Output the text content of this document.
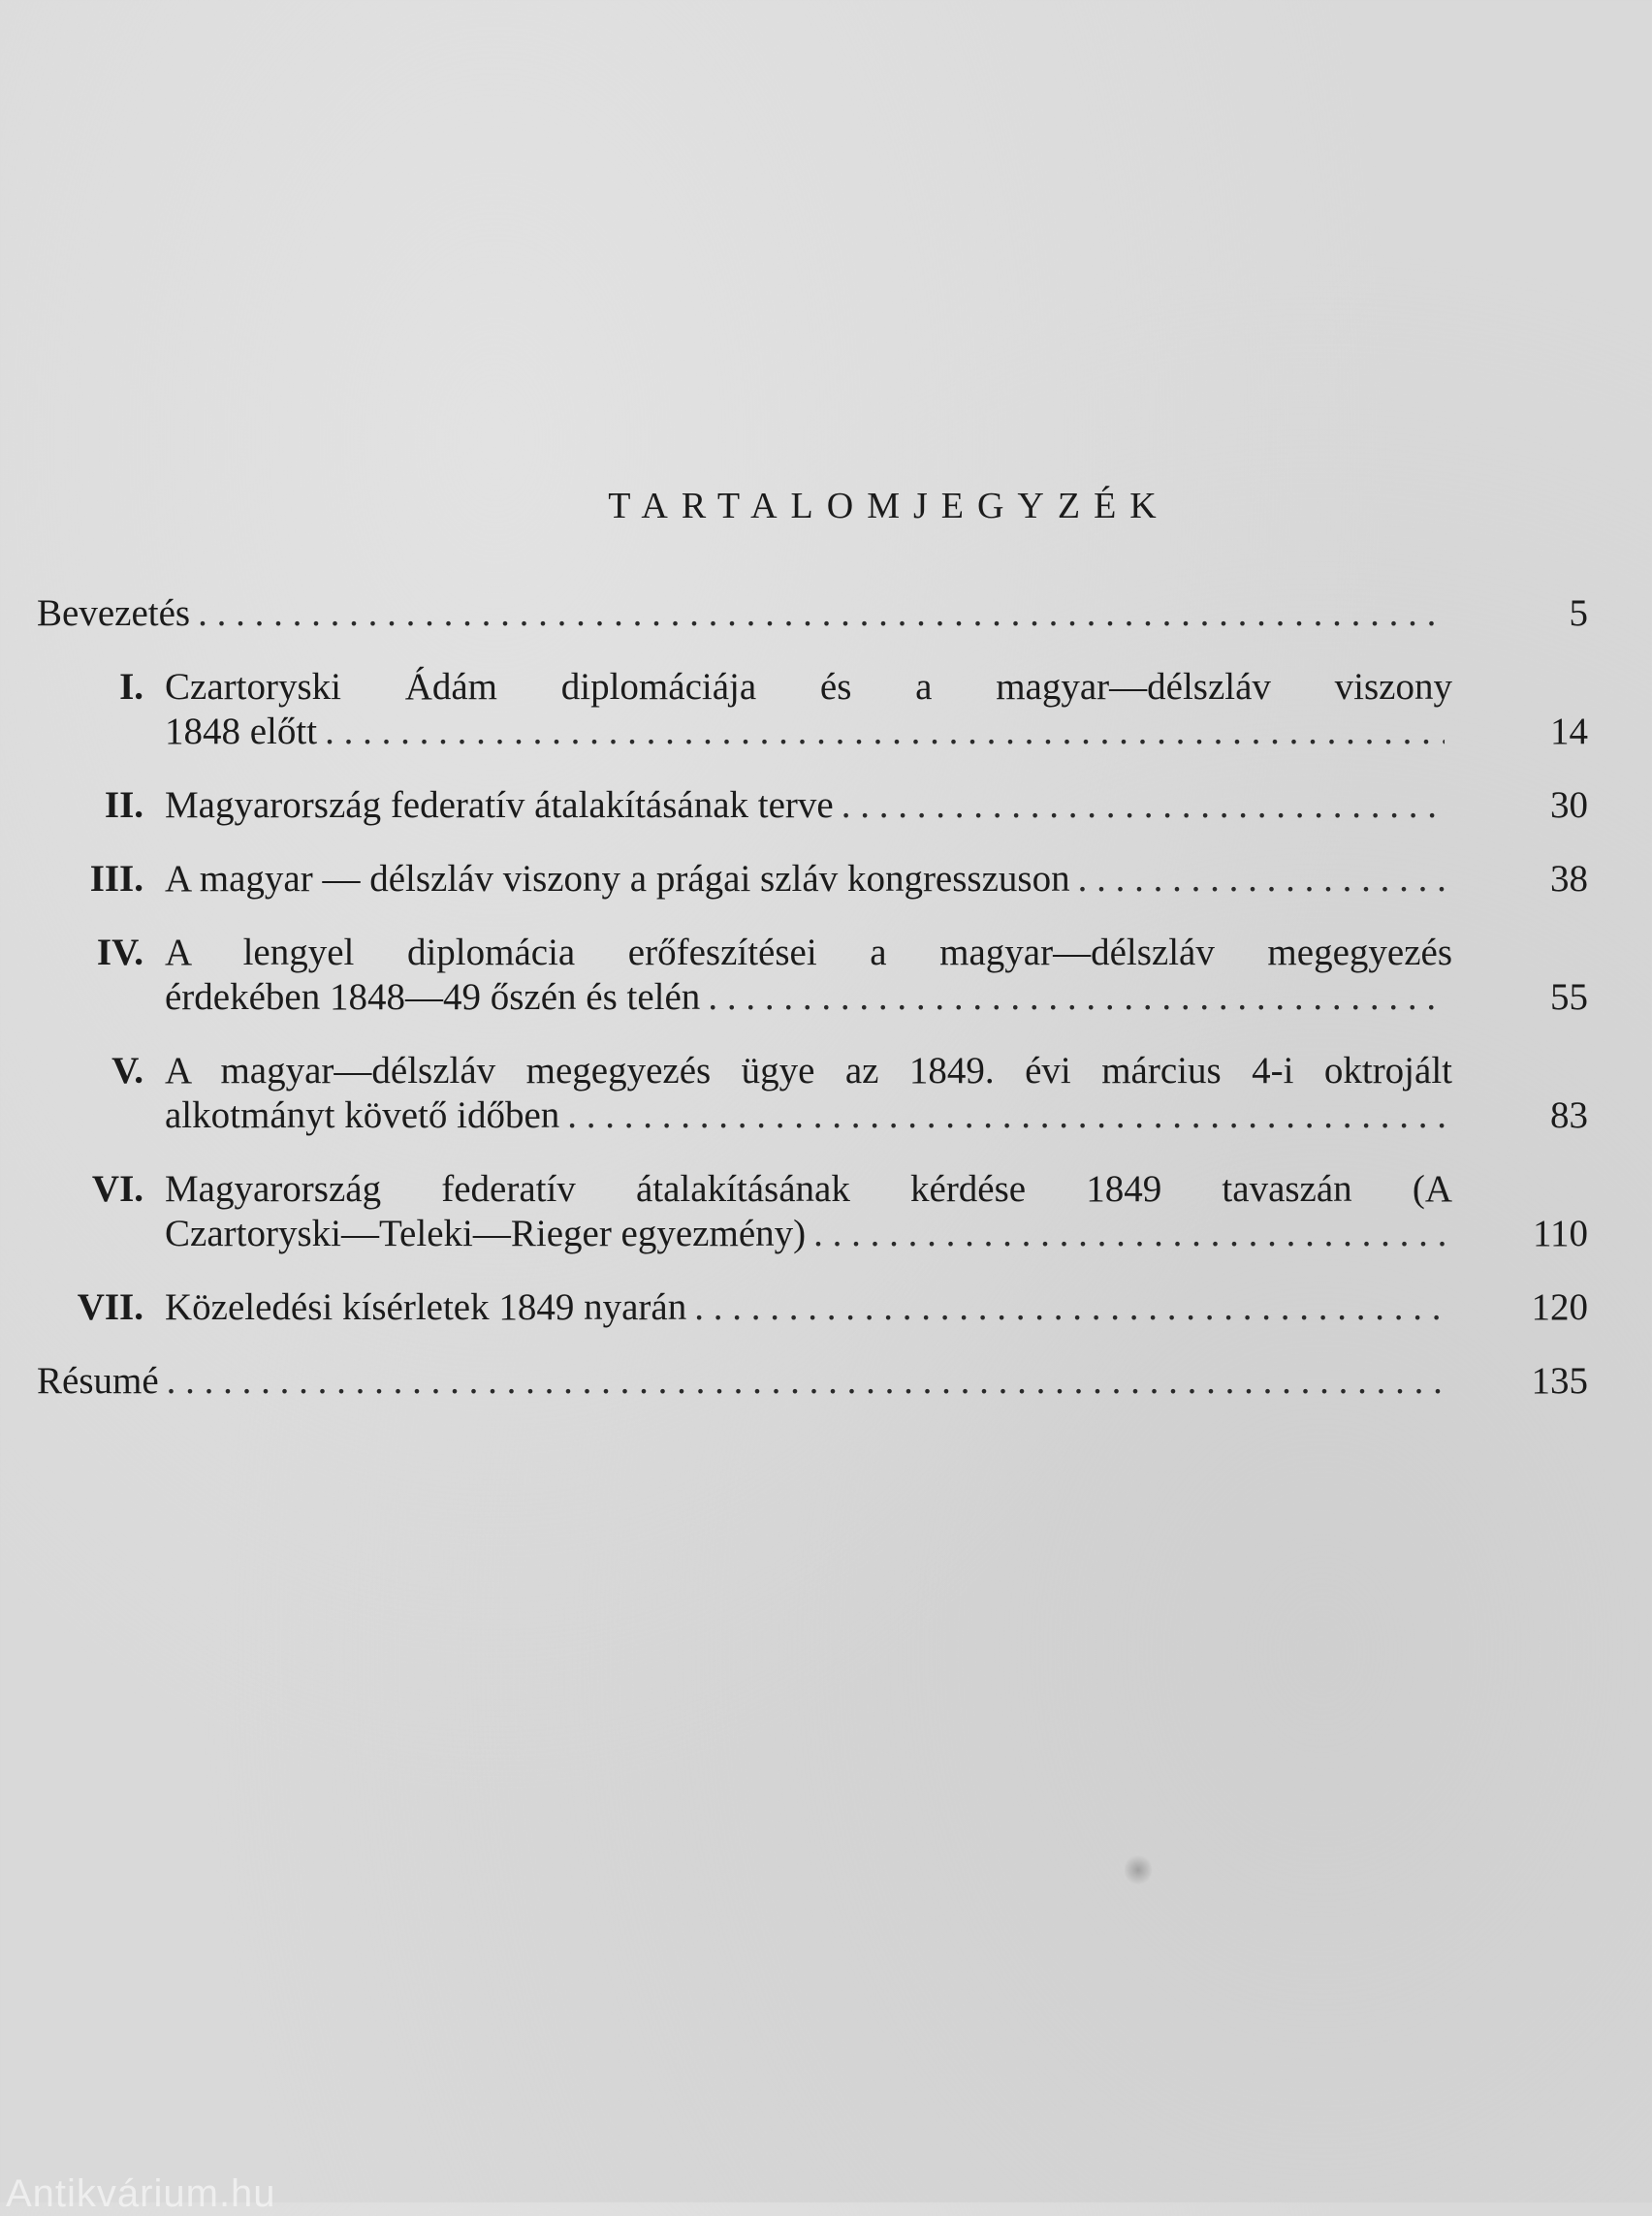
TARTALOMJEGYZÉK
Bevezetés . . .	5
I. Czartoryski Ádám diplomáciája és a magyar—délszláv viszony
1848 előtt . . .	14
II. Magyarország federatív átalakításának terve . . .	30
III. A magyar — délszláv viszony a prágai szláv kongresszuson . . .	38
IV. A lengyel diplomácia erőfeszítései a magyar—délszláv megegyezés
érdekében 1848—49 őszén és telén . . .	55
V. A magyar—délszláv megegyezés ügye az 1849. évi március 4-i oktrojált
alkotmányt követő időben . . .	83
VI. Magyarország federatív átalakításának kérdése 1849 tavaszán (A
Czartoryski—Teleki—Rieger egyezmény) . . .	110
VII. Közeledési kísérletek 1849 nyarán . . .	120
Résumé . . .	135
Antikvárium.hu
